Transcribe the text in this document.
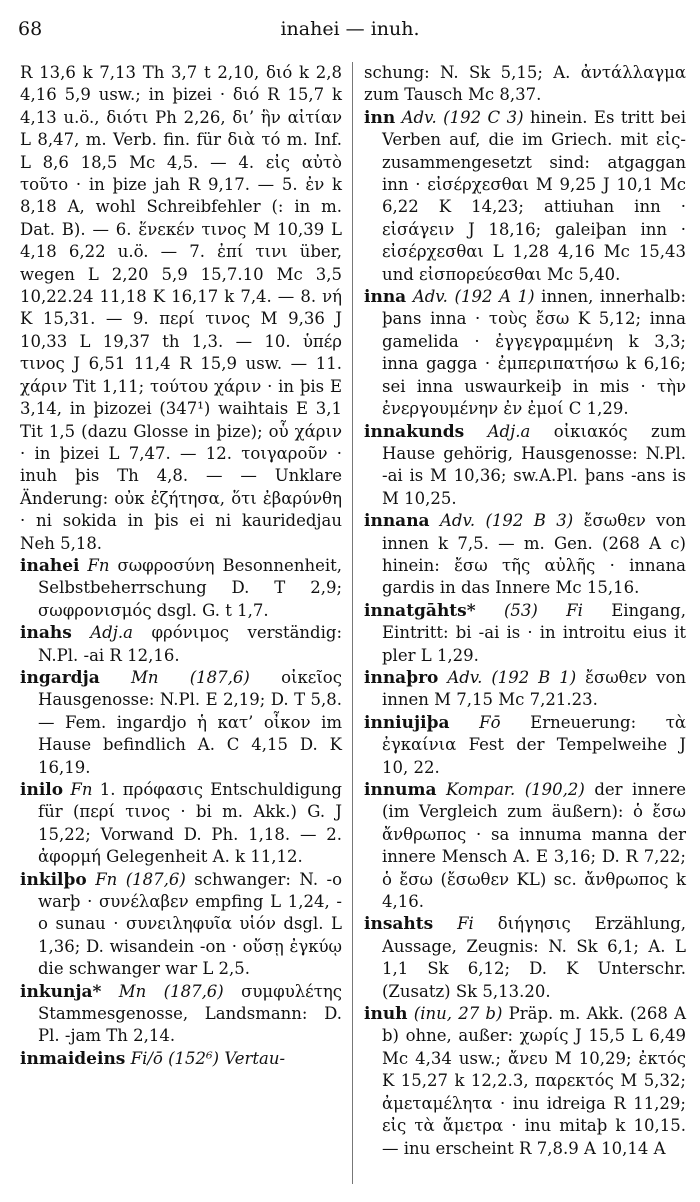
68	inahei — inuh.

R 13,6 k 7,13 Th 3,7 t 2,10, διό k 2,8 4,16 5,9 usw.; in þizei · διό R 15,7 k 4,13 u.ö., διότι Ph 2,26, δι’ ἣν αἰτίαν L 8,47, m. Verb. fin. für διὰ τό m. Inf. L 8,6 18,5 Mc 4,5. — 4. εἰς αὐτὸ τοῦτο · in þize jah R 9,17. — 5. ἐν k 8,18 A, wohl Schreibfehler (: in m. Dat. B). — 6. ἕνεκέν τινος M 10,39 L 4,18 6,22 u.ö. — 7. ἐπί τινι über, wegen L 2,20 5,9 15,7.10 Mc 3,5 10,22.24 11,18 K 16,17 k 7,4. — 8. νή K 15,31. — 9. περί τινος M 9,36 J 10,33 L 19,37 th 1,3. — 10. ὑπέρ τινος J 6,51 11,4 R 15,9 usw. — 11. χάριν Tit 1,11; τούτου χάριν · in þis E 3,14, in þizozei (347¹) waihtais E 3,1 Tit 1,5 (dazu Glosse in þize); οὗ χάριν · in þizei L 7,47. — 12. τοιγαροῦν · inuh þis Th 4,8. — — Unklare Änderung: οὐκ ἐζήτησα, ὅτι ἐβαρύνθη · ni sokida in þis ei ni kauridedjau Neh 5,18.

inahei Fn σωφροσύνη Besonnenheit, Selbstbeherrschung D. T 2,9; σωφρονισμός dsgl. G. t 1,7.

inahs Adj.a φρόνιμος verständig: N.Pl. -ai R 12,16.

ingardja Mn (187,6) οἰκεῖος Hausgenosse: N.Pl. E 2,19; D. T 5,8. — Fem. ingardjo ἡ κατ’ οἶκον im Hause befindlich A. C 4,15 D. K 16,19.

inilo Fn 1. πρόφασις Entschuldigung für (περί τινος · bi m. Akk.) G. J 15,22; Vorwand D. Ph. 1,18. — 2. ἀφορμή Gelegenheit A. k 11,12.

inkilþo Fn (187,6) schwanger: N. -o warþ · συνέλαβεν empfing L 1,24, -o sunau · συνειληφυῖα υἱόν dsgl. L 1,36; D. wisandein -on · οὔσῃ ἐγκύῳ die schwanger war L 2,5.

inkunja* Mn (187,6) συμφυλέτης Stammesgenosse, Landsmann: D. Pl. -jam Th 2,14.

inmaideins Fi/ō (152⁶) Vertau-

schung: N. Sk 5,15; A. ἀντάλλαγμα zum Tausch Mc 8,37.

inn Adv. (192 C 3) hinein. Es tritt bei Verben auf, die im Griech. mit εἰς- zusammengesetzt sind: atgaggan inn · εἰσέρχεσθαι M 9,25 J 10,1 Mc 6,22 K 14,23; attiuhan inn · εἰσάγειν J 18,16; galeiþan inn · εἰσέρχεσθαι L 1,28 4,16 Mc 15,43 und εἰσπορεύεσθαι Mc 5,40.

inna Adv. (192 A 1) innen, innerhalb: þans inna · τοὺς ἔσω K 5,12; inna gamelida · ἐγγεγραμμένη k 3,3; inna gagga · ἐμπεριπατήσω k 6,16; sei inna uswaurkeiþ in mis · τὴν ἐνεργουμένην ἐν ἐμοί C 1,29.

innakunds Adj.a οἰκιακός zum Hause gehörig, Hausgenosse: N.Pl. -ai is M 10,36; sw.A.Pl. þans -ans is M 10,25.

innana Adv. (192 B 3) ἔσωθεν von innen k 7,5. — m. Gen. (268 A c) hinein: ἔσω τῆς αὐλῆς · innana gardis in das Innere Mc 15,16.

innatgāhts* (53) Fi Eingang, Eintritt: bi -ai is · in introitu eius it pler L 1,29.

innaþro Adv. (192 B 1) ἔσωθεν von innen M 7,15 Mc 7,21.23.

inniujiþa Fō Erneuerung: τὰ ἐγκαίνια Fest der Tempelweihe J 10, 22.

innuma Kompar. (190,2) der innere (im Vergleich zum äußern): ὁ ἔσω ἄνθρωπος · sa innuma manna der innere Mensch A. E 3,16; D. R 7,22; ὁ ἔσω (ἔσωθεν KL) sc. ἄνθρωπος k 4,16.

insahts Fi διήγησις Erzählung, Aussage, Zeugnis: N. Sk 6,1; A. L 1,1 Sk 6,12; D. K Unterschr. (Zusatz) Sk 5,13.20.

inuh (inu, 27 b) Präp. m. Akk. (268 A b) ohne, außer: χωρίς J 15,5 L 6,49 Mc 4,34 usw.; ἄνευ M 10,29; ἐκτός K 15,27 k 12,2.3, παρεκτός M 5,32; ἀμεταμέλητα · inu idreiga R 11,29; εἰς τὰ ἄμετρα · inu mitaþ k 10,15. — inu erscheint R 7,8.9 A 10,14 A
